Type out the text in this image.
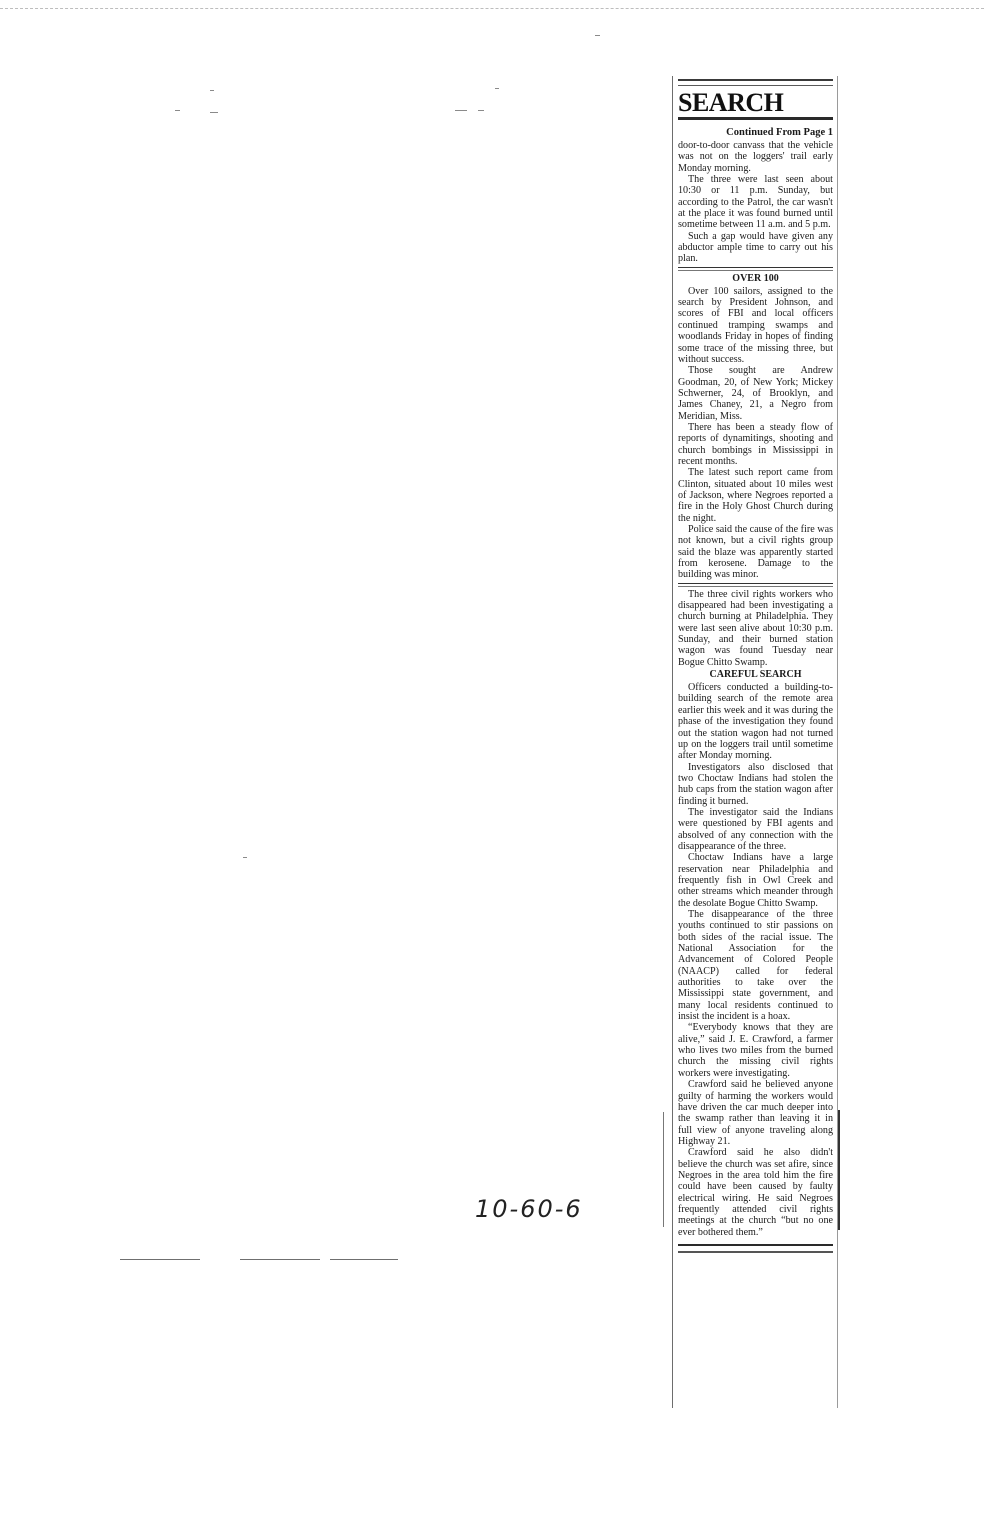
SEARCH
Continued From Page 1

door-to-door canvass that the vehicle was not on the loggers' trail early Monday morning.

The three were last seen about 10:30 or 11 p.m. Sunday, but according to the Patrol, the car wasn't at the place it was found burned until sometime between 11 a.m. and 5 p.m.

Such a gap would have given any abductor ample time to carry out his plan.

OVER 100

Over 100 sailors, assigned to the search by President Johnson, and scores of FBI and local officers continued tramping swamps and woodlands Friday in hopes of finding some trace of the missing three, but without success.

Those sought are Andrew Goodman, 20, of New York; Mickey Schwerner, 24, of Brooklyn, and James Chaney, 21, a Negro from Meridian, Miss.

There has been a steady flow of reports of dynamitings, shooting and church bombings in Mississippi in recent months.

The latest such report came from Clinton, situated about 10 miles west of Jackson, where Negroes reported a fire in the Holy Ghost Church during the night.

Police said the cause of the fire was not known, but a civil rights group said the blaze was apparently started from kerosene. Damage to the building was minor.

The three civil rights workers who disappeared had been investigating a church burning at Philadelphia. They were last seen alive about 10:30 p.m. Sunday, and their burned station wagon was found Tuesday near Bogue Chitto Swamp.

CAREFUL SEARCH

Officers conducted a building-to-building search of the remote area earlier this week and it was during the phase of the investigation they found out the station wagon had not turned up on the loggers trail until sometime after Monday morning.

Investigators also disclosed that two Choctaw Indians had stolen the hub caps from the station wagon after finding it burned.

The investigator said the Indians were questioned by FBI agents and absolved of any connection with the disappearance of the three.

Choctaw Indians have a large reservation near Philadelphia and frequently fish in Owl Creek and other streams which meander through the desolate Bogue Chitto Swamp.

The disappearance of the three youths continued to stir passions on both sides of the racial issue. The National Association for the Advancement of Colored People (NAACP) called for federal authorities to take over the Mississippi state government, and many local residents continued to insist the incident is a hoax.

“Everybody knows that they are alive,” said J. E. Crawford, a farmer who lives two miles from the burned church the missing civil rights workers were investigating.

Crawford said he believed anyone guilty of harming the workers would have driven the car much deeper into the swamp rather than leaving it in full view of anyone traveling along Highway 21.

Crawford said he also didn't believe the church was set afire, since Negroes in the area told him the fire could have been caused by faulty electrical wiring. He said Negroes frequently attended civil rights meetings at the church “but no one ever bothered them.”

10-60-6
